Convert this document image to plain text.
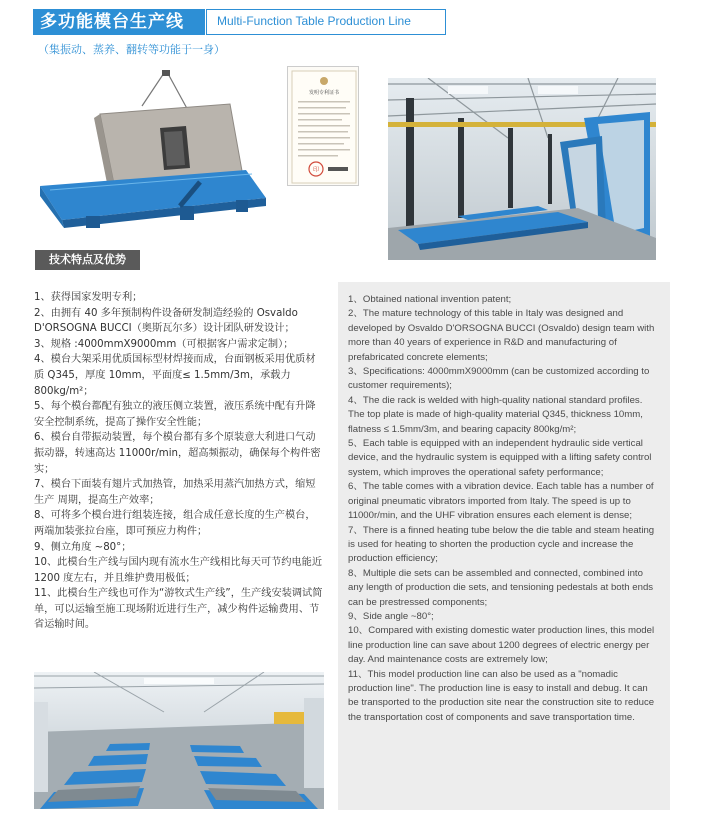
多功能模台生产线	Multi-Function Table Production Line
（集振动、蒸养、翻转等功能于一身）
发明专利证书
印
技术特点及优势

1、获得国家发明专利；

2、由拥有 40 多年预制构件设备研发制造经验的 Osvaldo D'ORSOGNA BUCCI（奥斯瓦尔多）设计团队研发设计；

3、规格 :4000mmX9000mm（可根据客户需求定制）；

4、模台大架采用优质国标型材焊接而成，台面钢板采用优质材质 Q345，厚度 10mm，平面度≤ 1.5mm/3m，承载力 800kg/m²；

5、每个模台都配有独立的液压侧立装置，液压系统中配有升降安全控制系统，提高了操作安全性能；

6、模台自带振动装置，每个模台都有多个原装意大利进口气动振动器，转速高达 11000r/min，超高频振动，确保每个构件密实；

7、模台下面装有翅片式加热管，加热采用蒸汽加热方式，缩短生产 周期，提高生产效率；

8、可将多个模台进行组装连接，组合成任意长度的生产模台，两端加装张拉台座，即可预应力构件；

9、侧立角度 ~80°；

10、此模台生产线与国内现有流水生产线相比每天可节约电能近 1200 度左右，并且维护费用极低；

11、此模台生产线也可作为“游牧式生产线”，生产线安装调试简单，可以运输至施工现场附近进行生产，减少构件运输费用、节省运输时间。

1、Obtained national invention patent;

2、The mature technology of this table in Italy was designed and developed by Osvaldo D'ORSOGNA BUCCI (Osvaldo) design team with more than 40 years of experience in R&D and manufacturing of prefabricated concrete elements;

3、Specifications: 4000mmX9000mm (can be customized according to customer requirements);

4、The die rack is welded with high-quality national standard profiles. The top plate is made of high-quality material Q345, thickness 10mm, flatness ≤ 1.5mm/3m, and bearing capacity 800kg/m²;

5、Each table is equipped with an independent hydraulic side vertical device, and the hydraulic system is equipped with a lifting safety control system, which improves the operational safety performance;

6、The table comes with a vibration device. Each table has a number of original pneumatic vibrators imported from Italy. The speed is up to 11000r/min, and the UHF vibration ensures each element is dense;

7、There is a finned heating tube below the die table and steam heating is used for heating to shorten the production cycle and increase the production efficiency;

8、Multiple die sets can be assembled and connected, combined into any length of production die sets, and tensioning pedestals at both ends can be prestressed components;

9、Side angle ~80°;

10、Compared with existing domestic water production lines, this model line production line can save about 1200 degrees of electric energy per day. And maintenance costs are extremely low;

11、This model production line can also be used as a "nomadic production line". The production line is easy to install and debug. It can be transported to the production site near the construction site to reduce the transportation cost of components and save transportation time.
